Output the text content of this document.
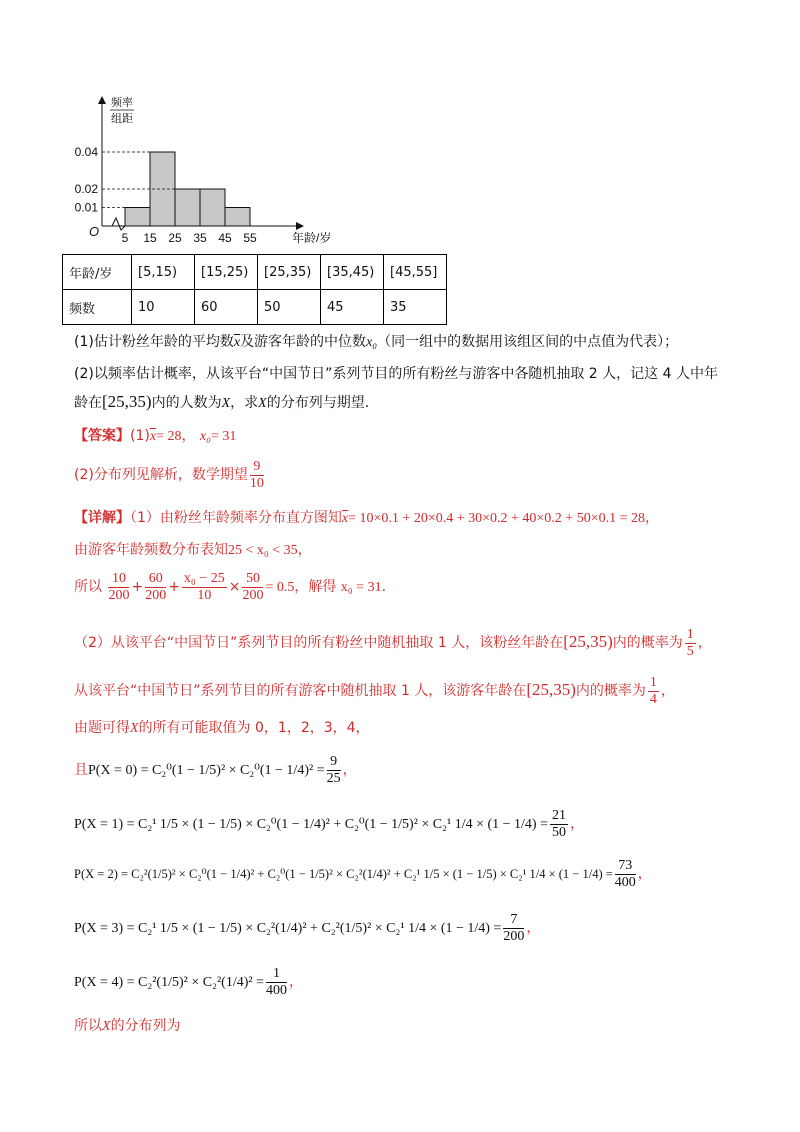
0.01
0.02
0.04
5 15 25 35 45 55
O	年龄/岁
频率
组距
年龄/岁	[5,15)	[15,25)	[25,35)	[35,45)	[45,55]
频数	10	60	50	45	35
(1)估计粉丝年龄的平均数$\overline{x}$及游客年龄的中位数x₀（同一组中的数据用该组区间的中点值为代表）；
(2)以频率估计概率，从该平台“中国节日”系列节目的所有粉丝与游客中各随机抽取 2 人，记这 4 人中年
龄在[25,35)内的人数为X，求X的分布列与期望.
【答案】$(1)\overline{x}= 28$， x₀= 31
(2)分布列见解析，数学期望 $\frac{9}{10}$
【详解】（1）由粉丝年龄频率分布直方图知$\overline{x}= 10\times 0.1 + 20\times 0.4 + 30\times 0.2 + 40\times 0.2 + 50\times 0.1 = 28$，
由游客年龄频数分布表知25 < x₀ < 35，
所以 $\frac{10}{200} + \frac{60}{200} + \frac{\text{x₀ − 25}}{10} \times \frac{50}{200} = 0.5$，解得 x₀ = 31.
（2）从该平台“中国节日”系列节目的所有粉丝中随机抽取 1 人，该粉丝年龄在[25,35)内的概率为 $\frac{1}{5}$ ，
从该平台“中国节日”系列节目的所有游客中随机抽取 1 人，该游客年龄在[25,35)内的概率为 $\frac{1}{4}$ ，
由题可得X的所有可能取值为 0，1，2，3，4，
且$P(X = 0) = C_2^0(1 - 1/5)^2 \times C_2^0(1 - 1/4)^2 = \frac{9}{25}$ ，
P(X = 1) = C₂¹ 1/5 × (1 − 1/5) × C₂⁰(1 − 1/4)² + C₂⁰(1 − 1/5)² × C₂¹ $1/4 \times (1 - 1/4) = \frac{21}{50}$ ，
P(X = 2) = C₂²(1/5)² × C₂⁰(1 − 1/4)² + C₂⁰(1 − 1/5)² × C₂²(1/4)² + C₂¹ 1/5 × (1 − 1/5) × C₂¹ $1/4 \times (1 - 1/4) = \frac{73}{400}$ ，
P(X = 3) = C₂¹ 1/5 × (1 − 1/5) × C₂²(1/4)² + C₂²(1/5)² × C₂¹ $1/4 \times (1 - 1/4) = \frac{7}{200}$ ，
$P(X = 4) = C_2^2(1/5)^2 \times C_2^2(1/4)^2 = \frac{1}{400}$ ，
所以X的分布列为
